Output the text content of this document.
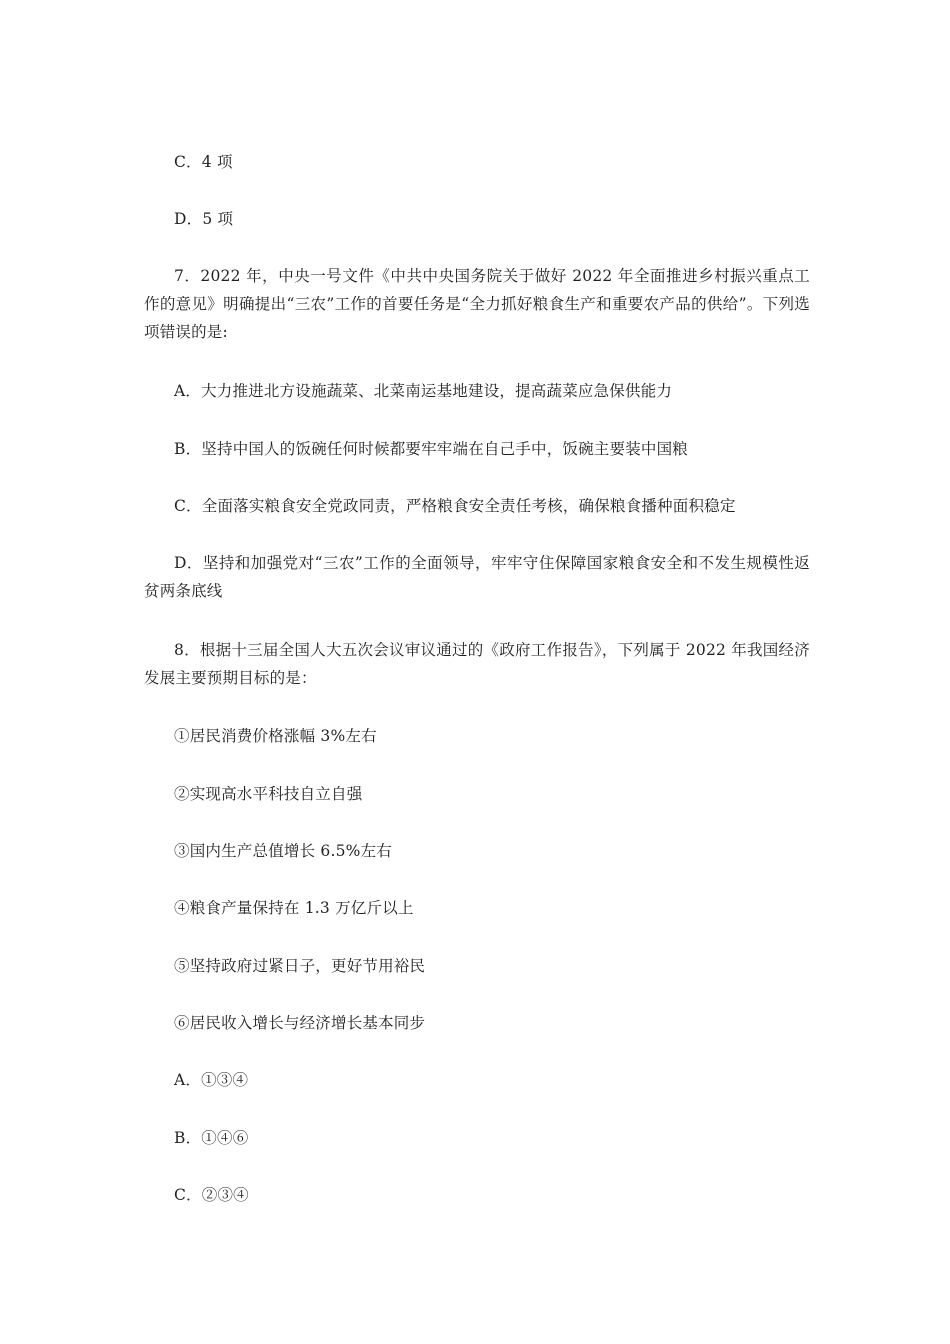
C．4 项
D．5 项
7．2022 年，中央一号文件《中共中央国务院关于做好 2022 年全面推进乡村振兴重点工作的意见》明确提出“三农”工作的首要任务是“全力抓好粮食生产和重要农产品的供给”。下列选项错误的是:
A．大力推进北方设施蔬菜、北菜南运基地建设，提高蔬菜应急保供能力
B．坚持中国人的饭碗任何时候都要牢牢端在自己手中，饭碗主要装中国粮
C．全面落实粮食安全党政同责，严格粮食安全责任考核，确保粮食播种面积稳定
D．坚持和加强党对“三农”工作的全面领导，牢牢守住保障国家粮食安全和不发生规模性返贫两条底线
8．根据十三届全国人大五次会议审议通过的《政府工作报告》，下列属于 2022 年我国经济发展主要预期目标的是：
①居民消费价格涨幅 3%左右
②实现高水平科技自立自强
③国内生产总值增长 6.5%左右
④粮食产量保持在 1.3 万亿斤以上
⑤坚持政府过紧日子，更好节用裕民
⑥居民收入增长与经济增长基本同步
A．①③④
B．①④⑥
C．②③④
